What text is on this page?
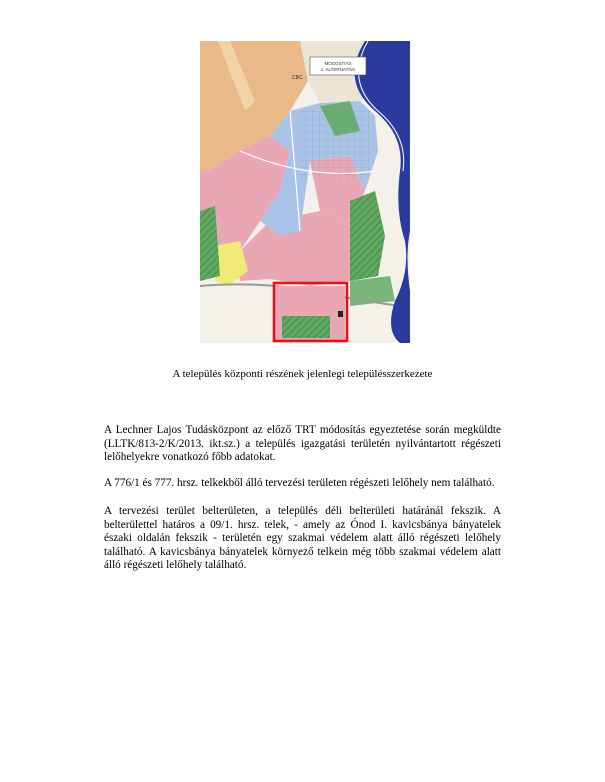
MÓDOSÍTÁS
1. ALTERNATÍVA
CBC
A település központi részének jelenlegi településszerkezete

A Lechner Lajos Tudásközpont az előző TRT módosítás egyeztetése során megküldte (LLTK/813-2/K/2013. ikt.sz.) a település igazgatási területén nyilvántartott régészeti lelőhelyekre vonatkozó főbb adatokat.

A 776/1 és 777. hrsz. telkekből álló tervezési területen régészeti lelőhely nem található.

A tervezési terület belterületen, a település déli belterületi határánál fekszik. A belterülettel határos a 09/1. hrsz. telek, - amely az Ónod I. kavicsbánya bányatelek északi oldalán fekszik - területén egy szakmai védelem alatt álló régészeti lelőhely található. A kavicsbánya bányatelek környező telkein még több szakmai védelem alatt álló régészeti lelőhely található.
